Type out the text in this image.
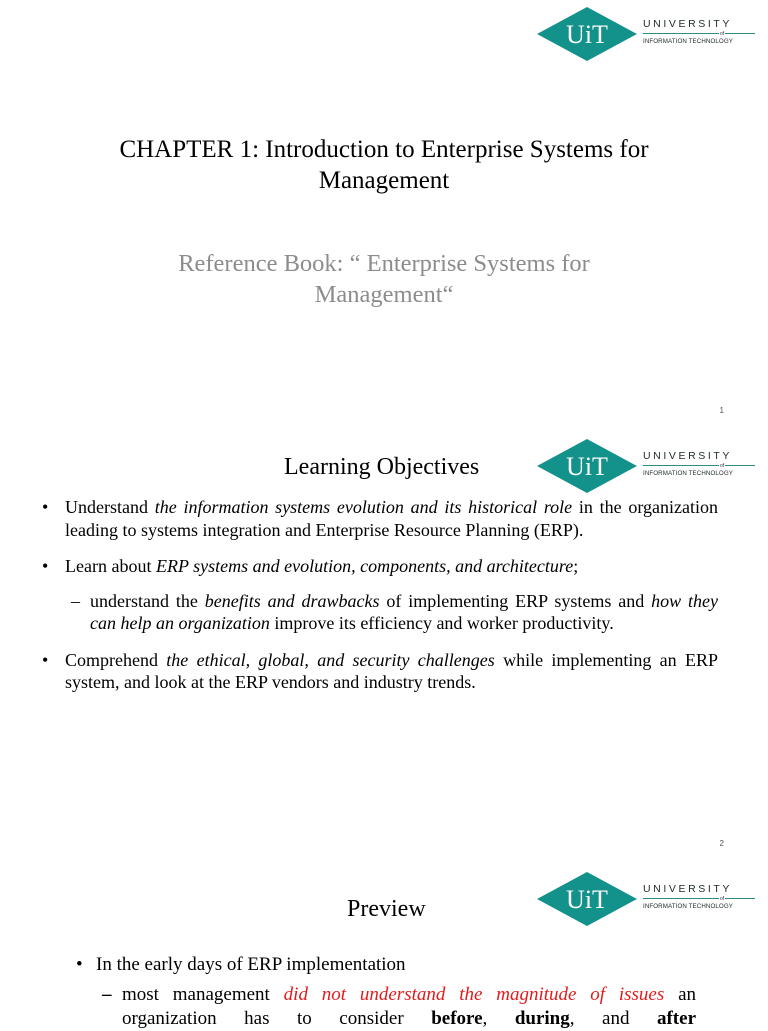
UiT	UNIVERSITY
of
INFORMATION TECHNOLOGY
CHAPTER 1: Introduction to Enterprise Systems for
Management
Reference Book: “ Enterprise Systems for
Management“
1
UiT	UNIVERSITY
of
INFORMATION TECHNOLOGY
Learning Objectives
• Understand the information systems evolution and its historical role in the organization leading to systems integration and Enterprise Resource Planning (ERP).
• Learn about ERP systems and evolution, components, and architecture;
– understand the benefits and drawbacks of implementing ERP systems and how they can help an organization improve its efficiency and worker productivity.
• Comprehend the ethical, global, and security challenges while implementing an ERP system, and look at the ERP vendors and industry trends.
2
UiT	UNIVERSITY
of
INFORMATION TECHNOLOGY
Preview
• In the early days of ERP implementation
– most management did not understand the magnitude of issues an organization has to consider before, during, and after
